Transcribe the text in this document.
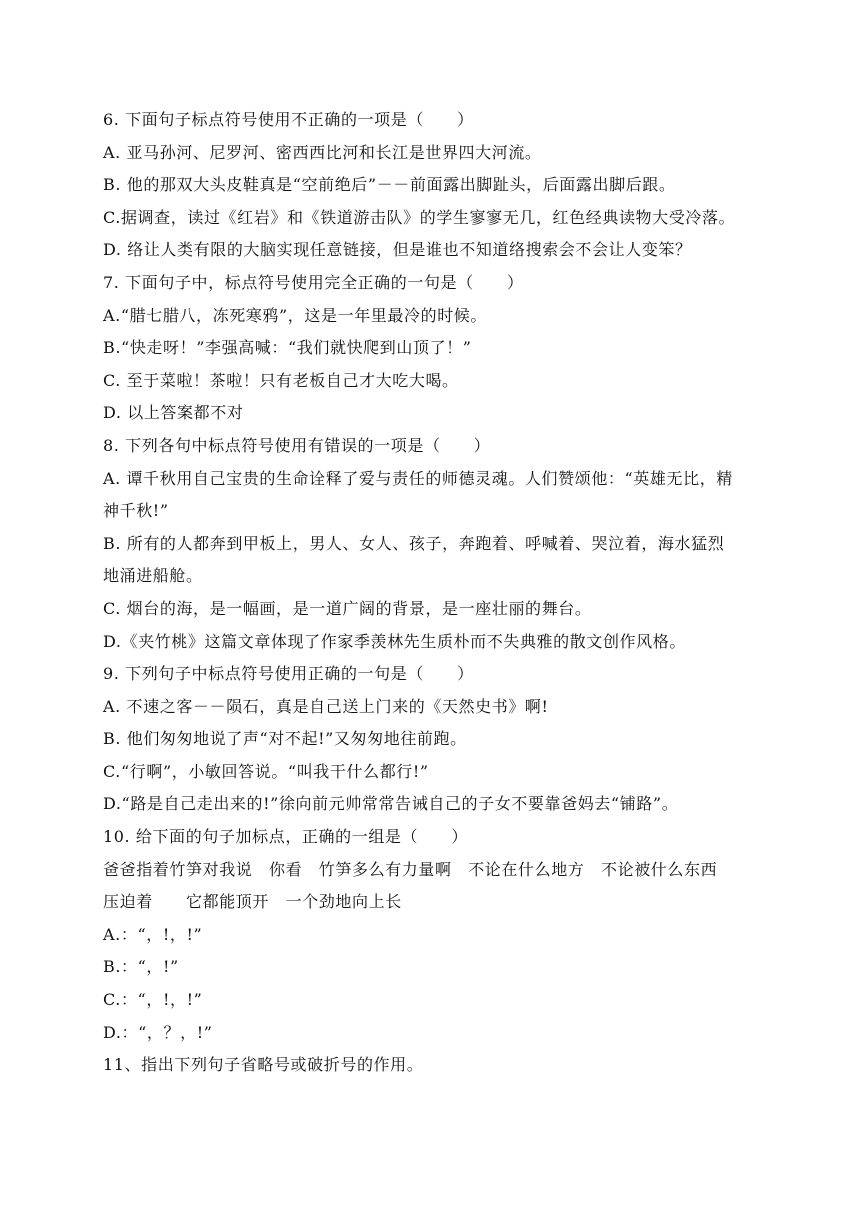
6. 下面句子标点符号使用不正确的一项是（　　）
A. 亚马孙河、尼罗河、密西西比河和长江是世界四大河流。
B. 他的那双大头皮鞋真是“空前绝后”－－前面露出脚趾头，后面露出脚后跟。
C.据调查，读过《红岩》和《铁道游击队》的学生寥寥无几，红色经典读物大受冷落。
D. 络让人类有限的大脑实现任意链接，但是谁也不知道络搜索会不会让人变笨？
7. 下面句子中，标点符号使用完全正确的一句是（　　）
A.“腊七腊八，冻死寒鸦”，这是一年里最冷的时候。
B.“快走呀！”李强高喊：“我们就快爬到山顶了！”
C. 至于菜啦！茶啦！只有老板自己才大吃大喝。
D. 以上答案都不对
8. 下列各句中标点符号使用有错误的一项是（　　）
A. 谭千秋用自己宝贵的生命诠释了爱与责任的师德灵魂。人们赞颂他：“英雄无比，精
神千秋!”
B. 所有的人都奔到甲板上，男人、女人、孩子，奔跑着、呼喊着、哭泣着，海水猛烈
地涌进船舱。
C. 烟台的海，是一幅画，是一道广阔的背景，是一座壮丽的舞台。
D.《夹竹桃》这篇文章体现了作家季羡林先生质朴而不失典雅的散文创作风格。
9. 下列句子中标点符号使用正确的一句是（　　）
A. 不速之客－－陨石，真是自己送上门来的《天然史书》啊!
B. 他们匆匆地说了声“对不起!”又匆匆地往前跑。
C.“行啊”，小敏回答说。“叫我干什么都行!”
D.“路是自己走出来的!”徐向前元帅常常告诫自己的子女不要靠爸妈去“铺路”。
10. 给下面的句子加标点，正确的一组是（　　）
爸爸指着竹笋对我说　你看　竹笋多么有力量啊　不论在什么地方　不论被什么东西
压迫着　　它都能顶开　一个劲地向上长
A.：“，!，!”
B.：“，!”
C.：“，!，!”
D.：“，？，!”
11、指出下列句子省略号或破折号的作用。
